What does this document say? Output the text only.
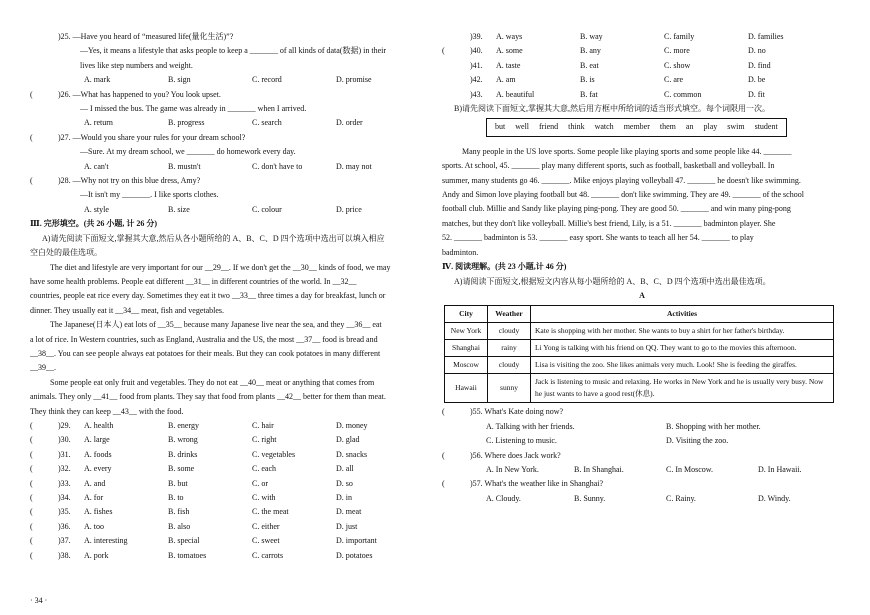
)25. —Have you heard of “measured life(量化生活)”?
—Yes, it means a lifestyle that asks people to keep a _______ of all kinds of data(数据) in their
lives like step numbers and weight.
A. mark	B. sign	C. record	D. promise
(	)26. —What has happened to you? You look upset.
— I missed the bus. The game was already in _______ when I arrived.
A. return	B. progress	C. search	D. order
(	)27. —Would you share your rules for your dream school?
—Sure. At my dream school, we _______ do homework every day.
A. can't	B. mustn't	C. don't have to	D. may not
(	)28. —Why not try on this blue dress, Amy?
—It isn't my _______. I like sports clothes.
A. style	B. size	C. colour	D. price
Ⅲ. 完形填空。(共 26 小题, 计 26 分)
A)请先阅读下面短文,掌握其大意,然后从各小题所给的 A、B、C、D 四个选项中选出可以填入相应
空白处的最佳选项。
The diet and lifestyle are very important for our __29__. If we don't get the __30__ kinds of food, we may
have some health problems. People eat different __31__ in different countries of the world. In __32__
countries, people eat rice every day. Sometimes they eat it two __33__ three times a day for breakfast, lunch or
dinner. They usually eat it __34__ meat, fish and vegetables.
The Japanese(日本人) eat lots of __35__ because many Japanese live near the sea, and they __36__ eat
a lot of rice. In Western countries, such as England, Australia and the US, the most __37__ food is bread and
__38__. You can see people always eat potatoes for their meals. But they can cook potatoes in many different
__39__.
Some people eat only fruit and vegetables. They do not eat __40__ meat or anything that comes from
animals. They only __41__ food from plants. They say that food from plants __42__ better for them than meat.
They think they can keep __43__ with the food.
(	)29.	A. health	B. energy	C. hair	D. money
(	)30.	A. large	B. wrong	C. right	D. glad
(	)31.	A. foods	B. drinks	C. vegetables	D. snacks
(	)32.	A. every	B. some	C. each	D. all
(	)33.	A. and	B. but	C. or	D. so
(	)34.	A. for	B. to	C. with	D. in
(	)35.	A. fishes	B. fish	C. the meat	D. meat
(	)36.	A. too	B. also	C. either	D. just
(	)37.	A. interesting	B. special	C. sweet	D. important
(	)38.	A. pork	B. tomatoes	C. carrots	D. potatoes
· 34 ·
)39.	A. ways	B. way	C. family	D. families
(	)40.	A. some	B. any	C. more	D. no
)41.	A. taste	B. eat	C. show	D. find
)42.	A. am	B. is	C. are	D. be
)43.	A. beautiful	B. fat	C. common	D. fit
B)请先阅读下面短文,掌握其大意,然后用方框中所给词的适当形式填空。每个词限用一次。
but well friend think watch member them an play swim student
Many people in the US love sports. Some people like playing sports and some people like 44. _______
sports. At school, 45. _______ play many different sports, such as football, basketball and volleyball. In
summer, many students go 46. _______. Mike enjoys playing volleyball 47. _______ he doesn't like swimming.
Andy and Simon love playing football but 48. _______ don't like swimming. They are 49. _______ of the school
football club. Millie and Sandy like playing ping-pong. They are good 50. _______ and win many ping-pong
matches, but they don't like volleyball. Millie's best friend, Lily, is a 51. _______ badminton player. She
52. _______ badminton is 53. _______ easy sport. She wants to teach all her 54. _______ to play
badminton.
Ⅳ. 阅读理解。(共 23 小题,计 46 分)
A)请阅读下面短文,根据短文内容从每小题所给的 A、B、C、D 四个选项中选出最佳选项。
A
City	Weather	Activities
New York	cloudy	Kate is shopping with her mother. She wants to buy a shirt for her father's birthday.
Shanghai	rainy	Li Yong is talking with his friend on QQ. They want to go to the movies this afternoon.
Moscow	cloudy	Lisa is visiting the zoo. She likes animals very much. Look! She is feeding the giraffes.
Hawaii	sunny	Jack is listening to music and relaxing. He works in New York and he is usually very busy. Now he just wants to have a good rest(休息).
(	)55. What's Kate doing now?
A. Talking with her friends.	B. Shopping with her mother.
C. Listening to music.	D. Visiting the zoo.
(	)56. Where does Jack work?
A. In New York.	B. In Shanghai.	C. In Moscow.	D. In Hawaii.
(	)57. What's the weather like in Shanghai?
A. Cloudy.	B. Sunny.	C. Rainy.	D. Windy.
